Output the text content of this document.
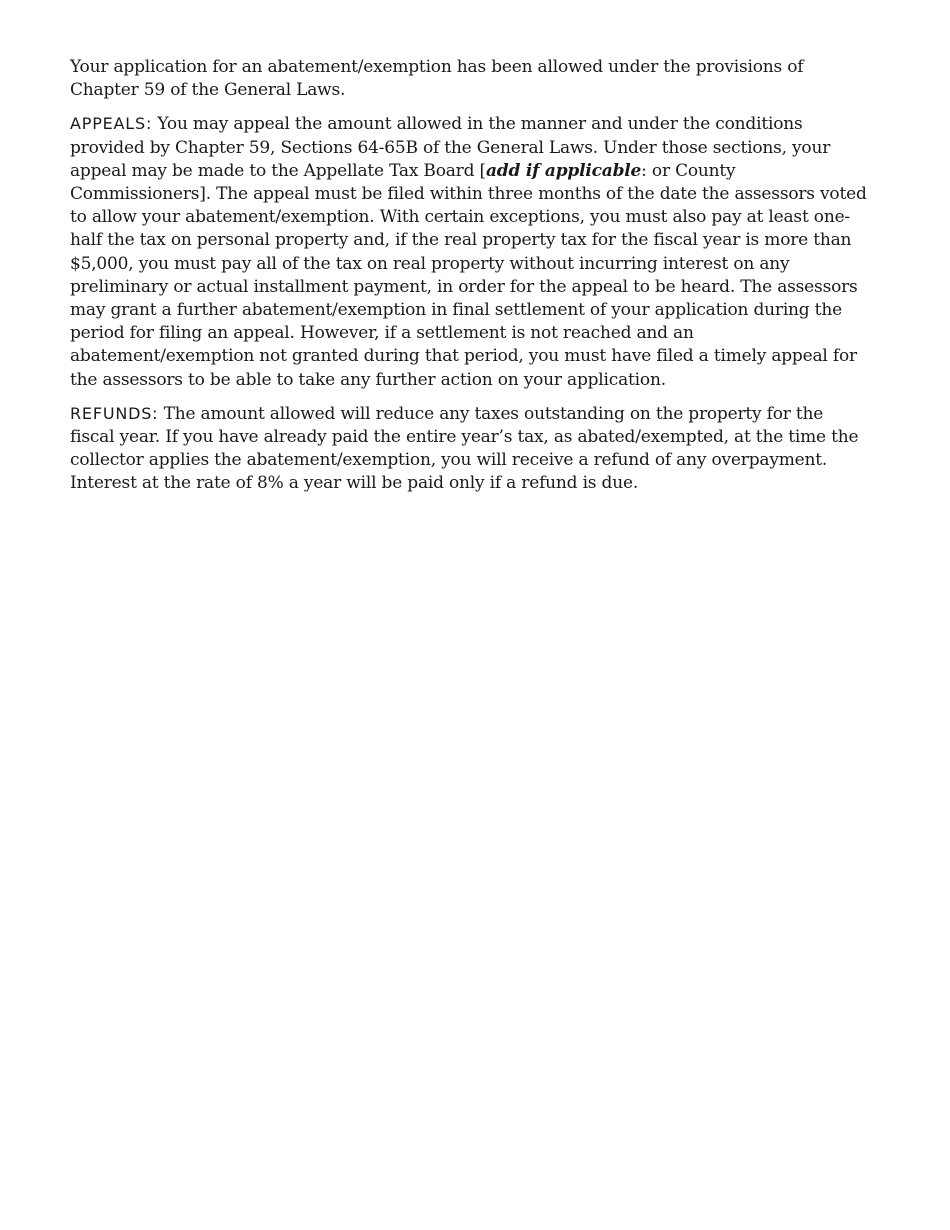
Your application for an abatement/exemption has been allowed under the provisions of Chapter 59 of the General Laws.

APPEALS: You may appeal the amount allowed in the manner and under the conditions provided by Chapter 59, Sections 64-65B of the General Laws. Under those sections, your appeal may be made to the Appellate Tax Board [add if applicable: or County Commissioners]. The appeal must be filed within three months of the date the assessors voted to allow your abatement/exemption. With certain exceptions, you must also pay at least one-half the tax on personal property and, if the real property tax for the fiscal year is more than $5,000, you must pay all of the tax on real property without incurring interest on any preliminary or actual installment payment, in order for the appeal to be heard. The assessors may grant a further abatement/exemption in final settlement of your application during the period for filing an appeal. However, if a settlement is not reached and an abatement/exemption not granted during that period, you must have filed a timely appeal for the assessors to be able to take any further action on your application.

REFUNDS: The amount allowed will reduce any taxes outstanding on the property for the fiscal year. If you have already paid the entire year’s tax, as abated/exempted, at the time the collector applies the abatement/exemption, you will receive a refund of any overpayment. Interest at the rate of 8% a year will be paid only if a refund is due.
